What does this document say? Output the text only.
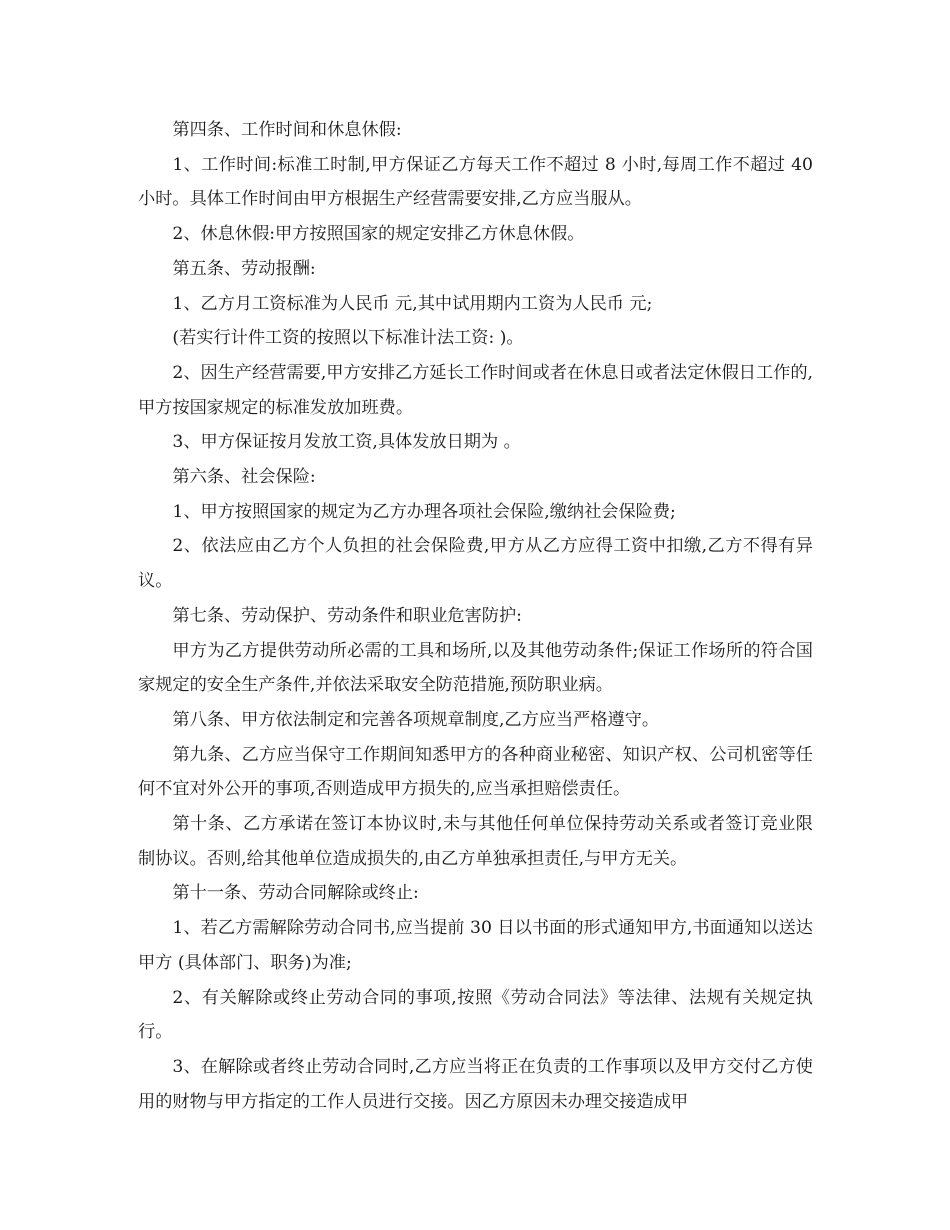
第四条、工作时间和休息休假:

1、工作时间:标准工时制,甲方保证乙方每天工作不超过 8 小时,每周工作不超过 40 小时。具体工作时间由甲方根据生产经营需要安排,乙方应当服从。

2、休息休假:甲方按照国家的规定安排乙方休息休假。

第五条、劳动报酬:

1、乙方月工资标准为人民币 元,其中试用期内工资为人民币 元;

(若实行计件工资的按照以下标准计法工资: )。

2、因生产经营需要,甲方安排乙方延长工作时间或者在休息日或者法定休假日工作的,甲方按国家规定的标准发放加班费。

3、甲方保证按月发放工资,具体发放日期为 。

第六条、社会保险:

1、甲方按照国家的规定为乙方办理各项社会保险,缴纳社会保险费;

2、依法应由乙方个人负担的社会保险费,甲方从乙方应得工资中扣缴,乙方不得有异议。

第七条、劳动保护、劳动条件和职业危害防护:

甲方为乙方提供劳动所必需的工具和场所,以及其他劳动条件;保证工作场所的符合国家规定的安全生产条件,并依法采取安全防范措施,预防职业病。

第八条、甲方依法制定和完善各项规章制度,乙方应当严格遵守。

第九条、乙方应当保守工作期间知悉甲方的各种商业秘密、知识产权、公司机密等任何不宜对外公开的事项,否则造成甲方损失的,应当承担赔偿责任。

第十条、乙方承诺在签订本协议时,未与其他任何单位保持劳动关系或者签订竞业限制协议。否则,给其他单位造成损失的,由乙方单独承担责任,与甲方无关。

第十一条、劳动合同解除或终止:

1、若乙方需解除劳动合同书,应当提前 30 日以书面的形式通知甲方,书面通知以送达甲方 (具体部门、职务)为准;

2、有关解除或终止劳动合同的事项,按照《劳动合同法》等法律、法规有关规定执行。

3、在解除或者终止劳动合同时,乙方应当将正在负责的工作事项以及甲方交付乙方使用的财物与甲方指定的工作人员进行交接。因乙方原因未办理交接造成甲
